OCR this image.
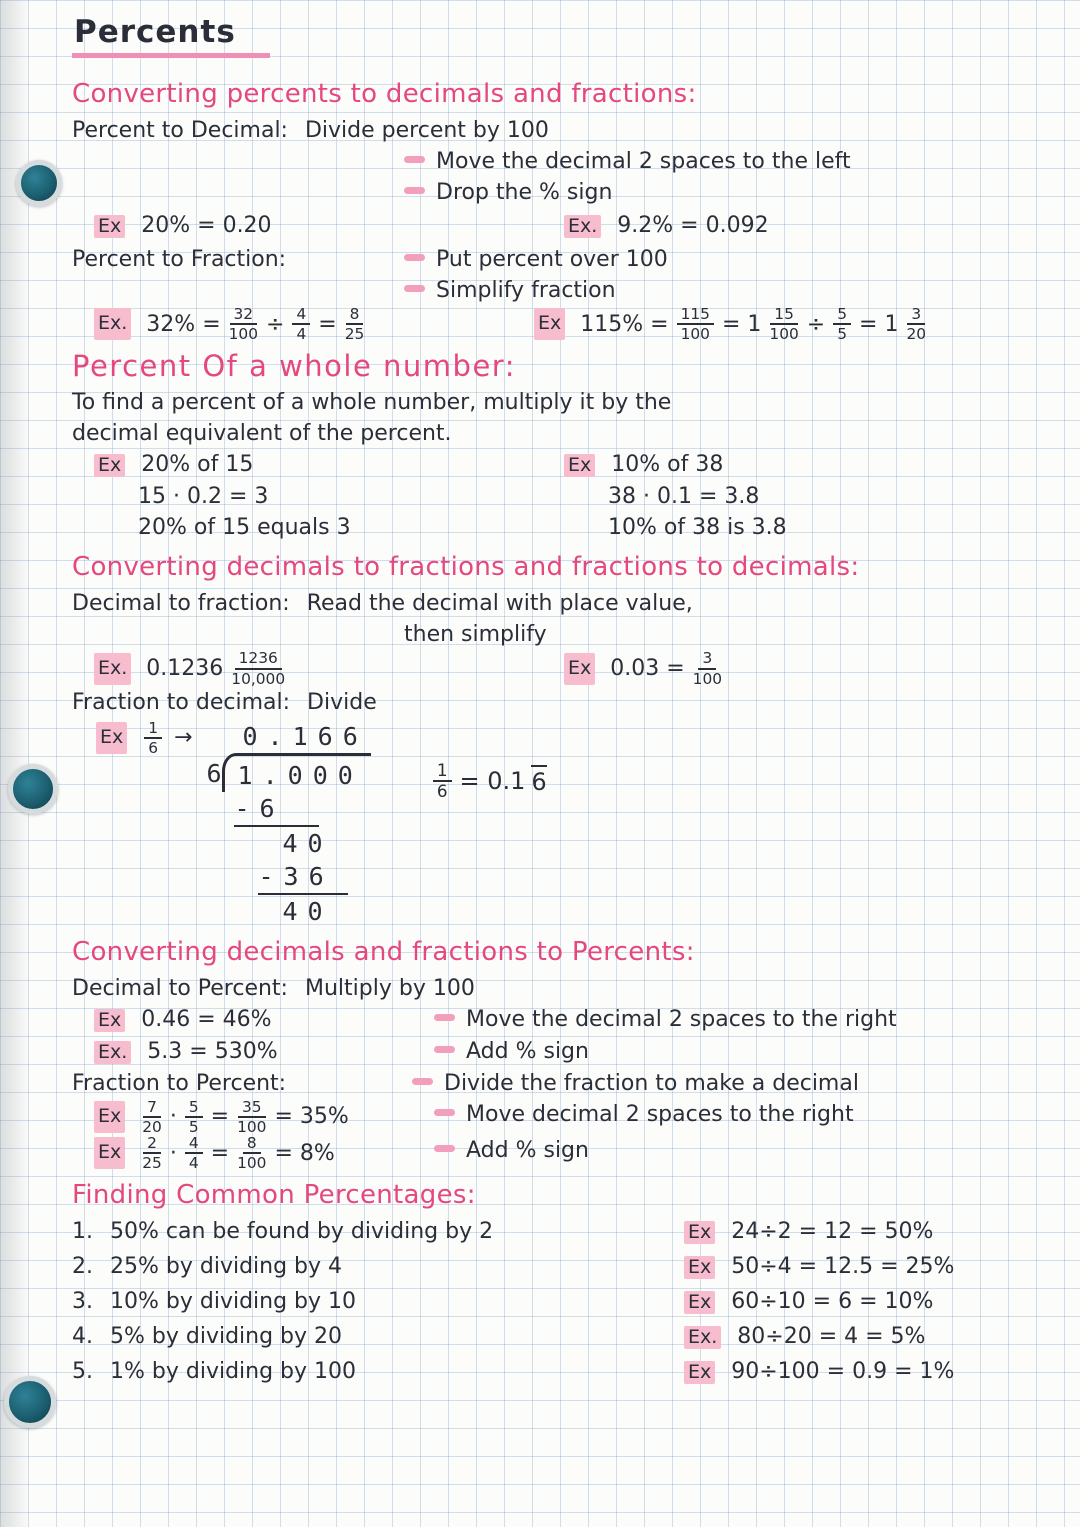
Percents
Converting percents to decimals and fractions:
Percent to Decimal: Divide percent by 100
Move the decimal 2 spaces to the left
Drop the % sign
Ex 20% = 0.20	Ex. 9.2% = 0.092
Percent to Fraction:	Put percent over 100
Simplify fraction
Ex. $32\% = \frac{32}{100} \div \frac{4}{4} = \frac{8}{25}$	Ex $115\% = \frac{115}{100} = 1 \frac{15}{100} \div \frac{5}{5} = 1 \frac{3}{20}$
Percent Of a whole number:
To find a percent of a whole number, multiply it by the
decimal equivalent of the percent.
Ex 20% of 15
15 · 0.2 = 3
20% of 15 equals 3
Ex 10% of 38
38 · 0.1 = 3.8
10% of 38 is 3.8
Converting decimals to fractions and fractions to decimals:
Decimal to fraction: Read the decimal with place value,
then simplify
Ex. $0.1236 \frac{1236}{10,000}$	Ex $0.03 = \frac{3}{100}$
Fraction to decimal: Divide
Ex $\frac{1}{6} \to 0.166$
6 1.000
-6
40
-36
40
$\frac{1}{6} = 0.1$ 6
Converting decimals and fractions to Percents:
Decimal to Percent: Multiply by 100
Ex 0.46 = 46%	Move the decimal 2 spaces to the right
Ex. 5.3 = 530%	Add % sign
Fraction to Percent:	Divide the fraction to make a decimal
Ex $\frac{7}{20} \cdot \frac{5}{5} = \frac{35}{100} = 35\%$	Move decimal 2 spaces to the right
Ex $\frac{2}{25} \cdot \frac{4}{4} = \frac{8}{100} = 8\%$	Add % sign
Finding Common Percentages:
1. 50% can be found by dividing by 2	Ex 24÷2 = 12 = 50%
2. 25% by dividing by 4	Ex 50÷4 = 12.5 = 25%
3. 10% by dividing by 10	Ex 60÷10 = 6 = 10%
4. 5% by dividing by 20	Ex. 80÷20 = 4 = 5%
5. 1% by dividing by 100	Ex 90÷100 = 0.9 = 1%
